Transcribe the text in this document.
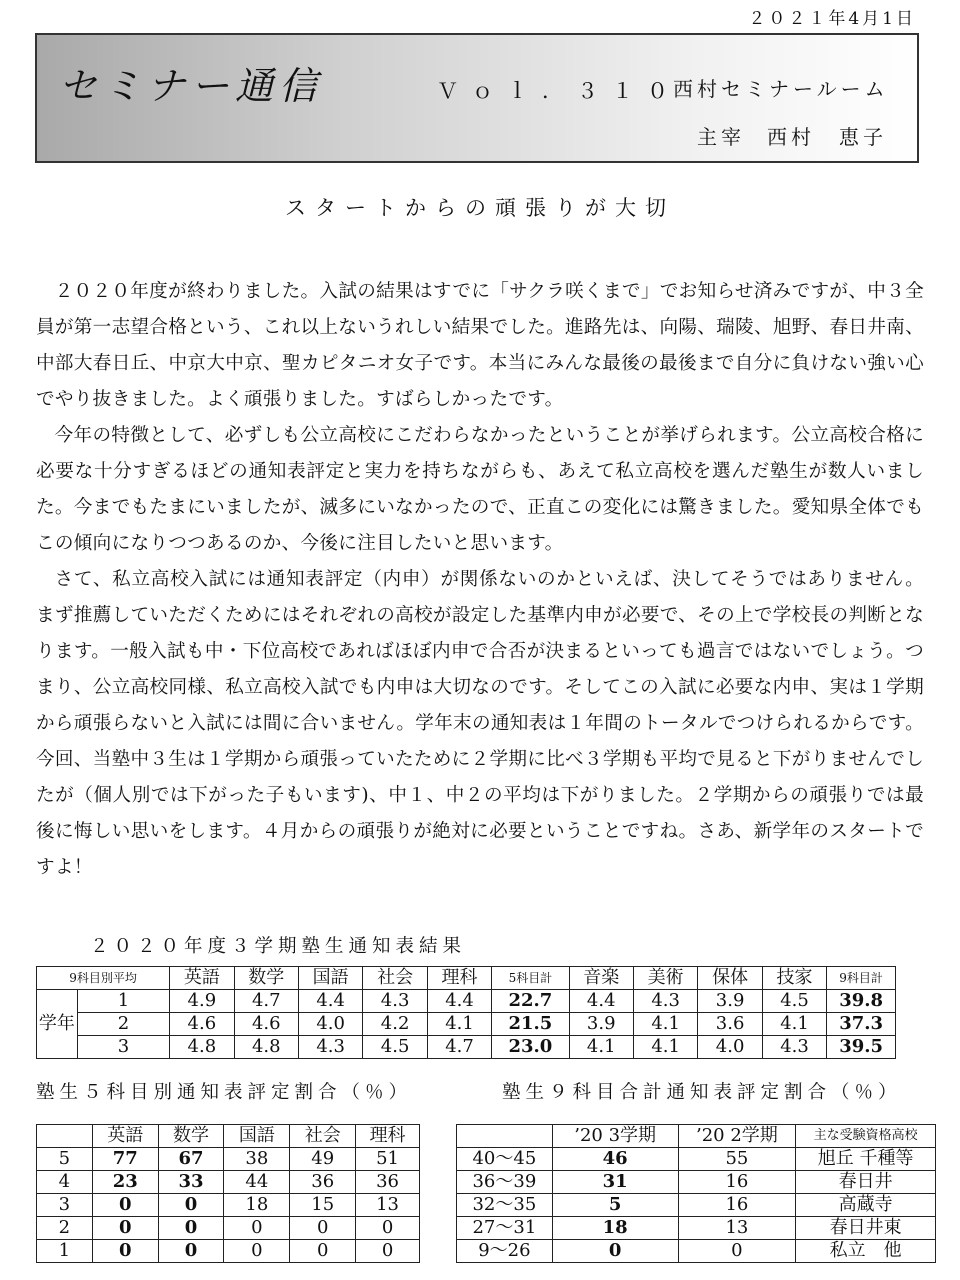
２０２１年4月1日
セミナー通信	Ｖｏｌ．３１０
西村セミナールーム
主宰 西村　恵子
スタートからの頑張りが大切

２０２０年度が終わりました。入試の結果はすでに「サクラ咲くまで」でお知らせ済みですが、中３全員が第一志望合格という、これ以上ないうれしい結果でした。進路先は、向陽、瑞陵、旭野、春日井南、中部大春日丘、中京大中京、聖カピタニオ女子です。本当にみんな最後の最後まで自分に負けない強い心でやり抜きました。よく頑張りました。すばらしかったです。

今年の特徴として、必ずしも公立高校にこだわらなかったということが挙げられます。公立高校合格に必要な十分すぎるほどの通知表評定と実力を持ちながらも、あえて私立高校を選んだ塾生が数人いました。今までもたまにいましたが、滅多にいなかったので、正直この変化には驚きました。愛知県全体でもこの傾向になりつつあるのか、今後に注目したいと思います。

さて、私立高校入試には通知表評定（内申）が関係ないのかといえば、決してそうではありません。まず推薦していただくためにはそれぞれの高校が設定した基準内申が必要で、その上で学校長の判断となります。一般入試も中・下位高校であればほぼ内申で合否が決まるといっても過言ではないでしょう。つまり、公立高校同様、私立高校入試でも内申は大切なのです。そしてこの入試に必要な内申、実は１学期から頑張らないと入試には間に合いません。学年末の通知表は１年間のトータルでつけられるからです。今回、当塾中３生は１学期から頑張っていたために２学期に比べ３学期も平均で見ると下がりませんでしたが（個人別では下がった子もいます)、中１、中２の平均は下がりました。２学期からの頑張りでは最後に悔しい思いをします。４月からの頑張りが絶対に必要ということですね。さあ、新学年のスタートですよ！

２０２０年度３学期塾生通知表結果
9科目別平均		英語	数学	国語	社会	理科	5科目計	音楽	美術	保体	技家	9科目計
学年	1	4.9	4.7	4.4	4.3	4.4	22.7	4.4	4.3	3.9	4.5	39.8
	2	4.6	4.6	4.0	4.2	4.1	21.5	3.9	4.1	3.6	4.1	37.3
	3	4.8	4.8	4.3	4.5	4.7	23.0	4.1	4.1	4.0	4.3	39.5
塾生５科目別通知表評定割合（％）	塾生９科目合計通知表評定割合（％）
	英語	数学	国語	社会	理科
5	77	67	38	49	51
4	23	33	44	36	36
3	0	0	18	15	13
2	0	0	0	0	0
1	0	0	0	0	0
	’20 3学期	’20 2学期	主な受験資格高校
40～45	46	55	旭丘 千種等
36～39	31	16	春日井
32～35	5	16	高蔵寺
27～31	18	13	春日井東
9～26	0	0	私立　他
